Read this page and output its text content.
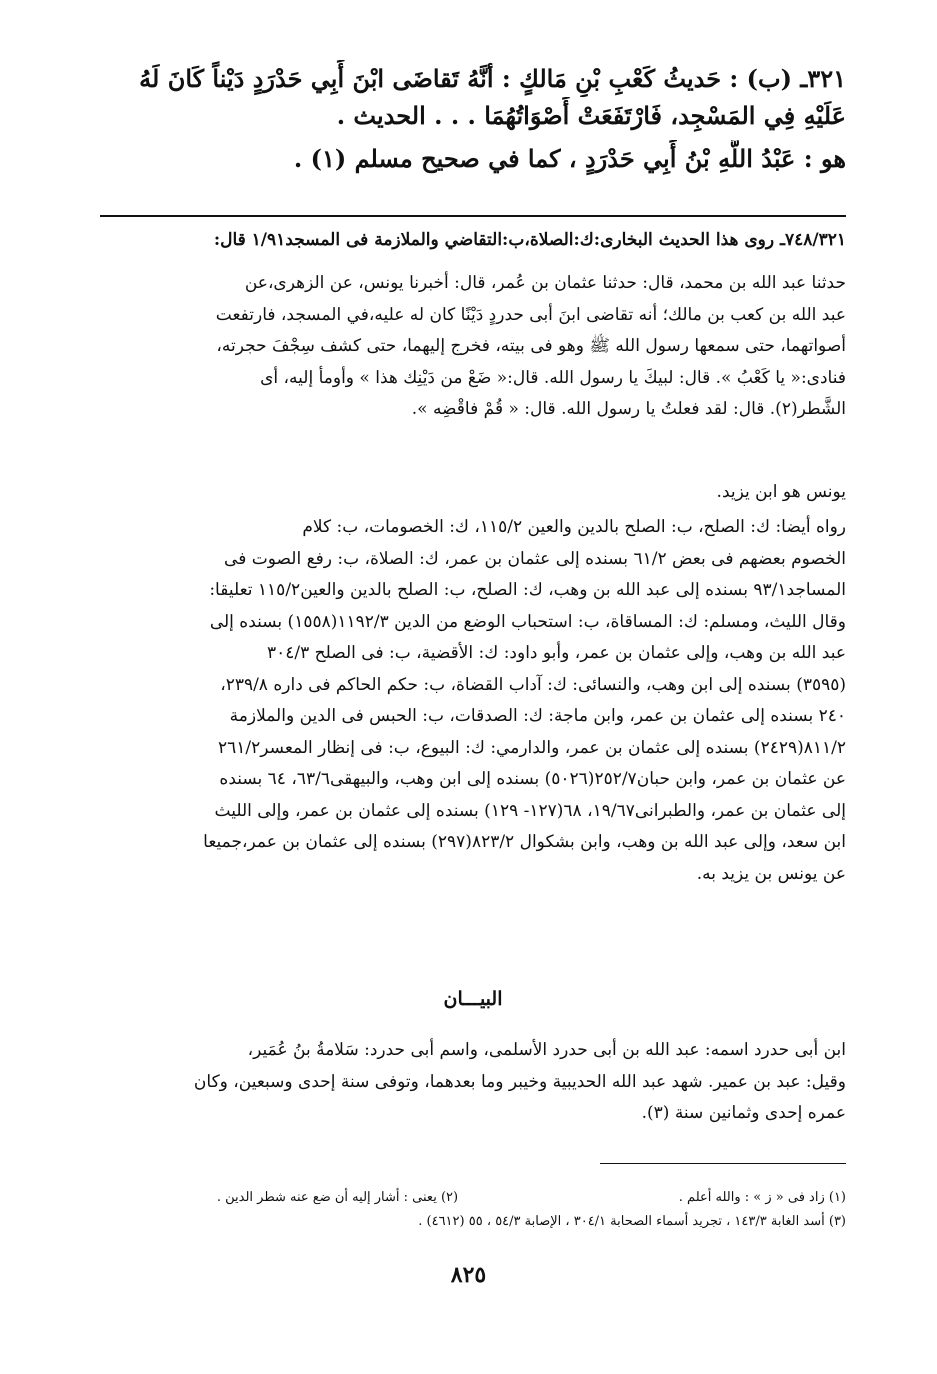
٣٢١ـ (ب) : حَديثُ كَعْبِ بْنِ مَالكٍ : أنَّهُ تَقاضَى ابْنَ أَبِي حَدْرَدٍ دَيْناً كَانَ لَهُ
عَلَيْهِ فِي المَسْجِد، فَارْتَفَعَتْ أَصْوَاتُهُمَا . . . الحديث .
هو : عَبْدُ اللَّهِ بْنُ أَبِي حَدْرَدٍ ، كما في صحيح مسلم (١) .
٧٤٨/٣٢١ـ روى هذا الحديث البخارى:ك:الصلاة،ب:التقاضي والملازمة فى المسجد١/٩١ قال:
حدثنا عبد الله بن محمد، قال: حدثنا عثمان بن عُمر، قال: أخبرنا يونس، عن الزهرى،عن
عبد الله بن كعب بن مالك؛ أنه تقاضى ابنَ أبى حدردٍ دَيْنًا كان له عليه،في المسجد، فارتفعت
أصواتهما، حتى سمعها رسول الله ﷺ وهو فى بيته، فخرج إليهما، حتى كشف سِجْفَ حجرته،
فنادى:« يا كَعْبُ ». قال: لبيكَ يا رسول الله. قال:« ضَعْ من دَيْنِك هذا » وأومأ إليه، أى
الشَّطر(٢). قال: لقد فعلتُ يا رسول الله. قال: « قُمْ فاقْضِه ».
يونس هو ابن يزيد.
رواه أيضا: ك: الصلح، ب: الصلح بالدين والعين ١١٥/٢، ك: الخصومات، ب: كلام
الخصوم بعضهم فى بعض ٦١/٢ بسنده إلى عثمان بن عمر، ك: الصلاة، ب: رفع الصوت فى
المساجد٩٣/١ بسنده إلى عبد الله بن وهب، ك: الصلح، ب: الصلح بالدين والعين١١٥/٢ تعليقا:
وقال الليث، ومسلم: ك: المساقاة، ب: استحباب الوضع من الدين ١١٩٢/٣(١٥٥٨) بسنده إلى
عبد الله بن وهب، وإلى عثمان بن عمر، وأبو داود: ك: الأقضية، ب: فى الصلح ٣٠٤/٣
(٣٥٩٥) بسنده إلى ابن وهب، والنسائى: ك: آداب القضاة، ب: حكم الحاكم فى داره ٢٣٩/٨،
٢٤٠ بسنده إلى عثمان بن عمر، وابن ماجة: ك: الصدقات، ب: الحبس فى الدين والملازمة
٨١١/٢(٢٤٢٩) بسنده إلى عثمان بن عمر، والدارمي: ك: البيوع، ب: فى إنظار المعسر٢٦١/٢
عن عثمان بن عمر، وابن حبان٢٥٢/٧(٥٠٢٦) بسنده إلى ابن وهب، والبيهقى٦٣/٦، ٦٤ بسنده
إلى عثمان بن عمر، والطبرانى١٩/٦٧، ٦٨(١٢٧- ١٢٩) بسنده إلى عثمان بن عمر، وإلى الليث
ابن سعد، وإلى عبد الله بن وهب، وابن بشكوال ٨٢٣/٢(٢٩٧) بسنده إلى عثمان بن عمر،جميعا
عن يونس بن يزيد به.
البيـــان
ابن أبى حدرد اسمه: عبد الله بن أبى حدرد الأسلمى، واسم أبى حدرد: سَلامةُ بنُ عُمَير،
وقيل: عبد بن عمير. شهد عبد الله الحديبية وخيبر وما بعدهما، وتوفى سنة إحدى وسبعين، وكان
عمره إحدى وثمانين سنة (٣).
(١) زاد فى « ز » : والله أعلم .
(٢) يعنى : أشار إليه أن ضع عنه شطر الدين .
(٣) أسد الغابة ١٤٣/٣ ، تجريد أسماء الصحابة ٣٠٤/١ ، الإصابة ٥٤/٣ ، ٥٥ (٤٦١٢) .
٨٢٥
